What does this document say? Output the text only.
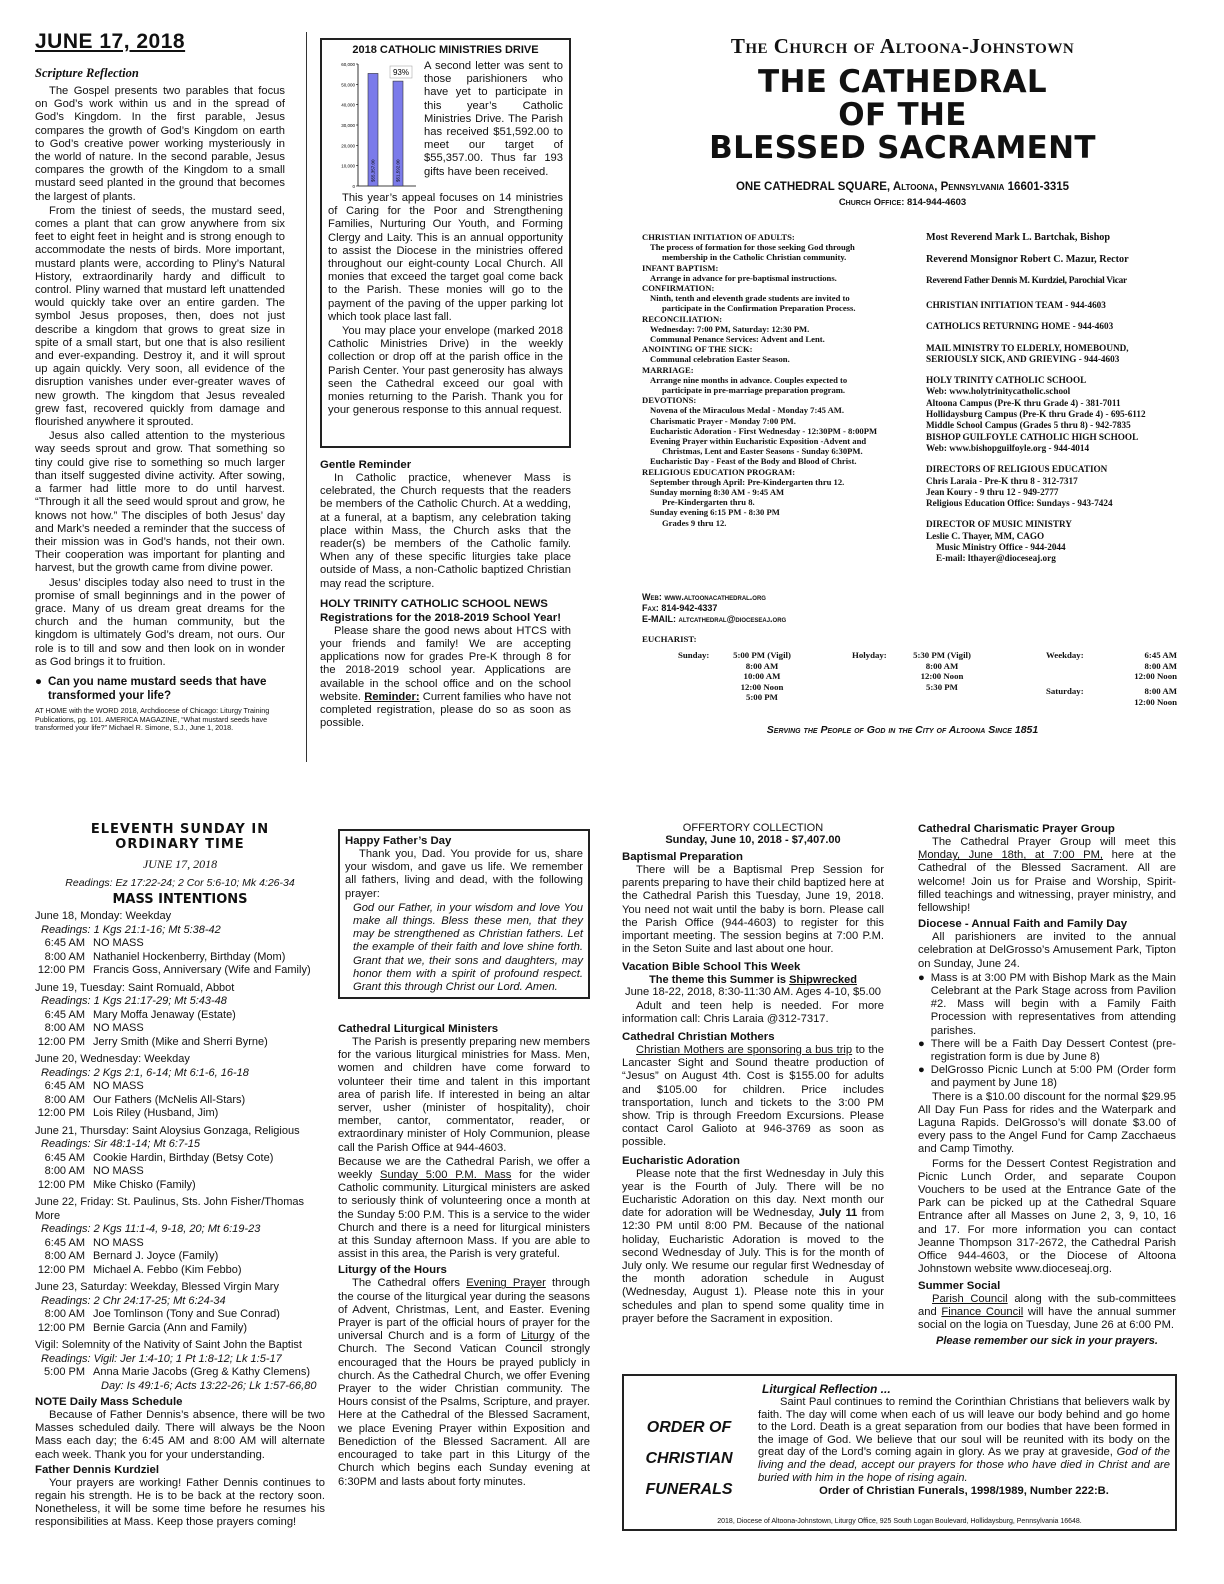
JUNE 17, 2018
Scripture Reflection

The Gospel presents two parables that focus on God’s work within us and in the spread of God’s Kingdom. In the first parable, Jesus compares the growth of God’s Kingdom on earth to God’s creative power working mysteriously in the world of nature. In the second parable, Jesus compares the growth of the Kingdom to a small mustard seed planted in the ground that becomes the largest of plants.

From the tiniest of seeds, the mustard seed, comes a plant that can grow anywhere from six feet to eight feet in height and is strong enough to accommodate the nests of birds. More important, mustard plants were, according to Pliny’s Natural History, extraordinarily hardy and difficult to control. Pliny warned that mustard left unattended would quickly take over an entire garden. The symbol Jesus proposes, then, does not just describe a kingdom that grows to great size in spite of a small start, but one that is also resilient and ever-expanding. Destroy it, and it will sprout up again quickly. Very soon, all evidence of the disruption vanishes under ever-greater waves of new growth. The kingdom that Jesus revealed grew fast, recovered quickly from damage and flourished anywhere it sprouted.

Jesus also called attention to the mysterious way seeds sprout and grow. That something so tiny could give rise to something so much larger than itself suggested divine activity. After sowing, a farmer had little more to do until harvest. “Through it all the seed would sprout and grow, he knows not how.” The disciples of both Jesus’ day and Mark’s needed a reminder that the success of their mission was in God’s hands, not their own. Their cooperation was important for planting and harvest, but the growth came from divine power.

Jesus’ disciples today also need to trust in the promise of small beginnings and in the power of grace. Many of us dream great dreams for the church and the human community, but the kingdom is ultimately God’s dream, not ours. Our role is to till and sow and then look on in wonder as God brings it to fruition.

● Can you name mustard seeds that have transformed your life?
AT HOME with the WORD 2018, Archdiocese of Chicago: Liturgy Training Publications, pg. 101. AMERICA MAGAZINE, “What mustard seeds have transformed your life?” Michael R. Simone, S.J., June 1, 2018.
2018 CATHOLIC MINISTRIES DRIVE
60,000
50,000
40,000
30,000
20,000
10,000
0
$55,357.00	$51,592.00
93%
A second letter was sent to those parishioners who have yet to participate in this year’s Catholic Ministries Drive. The Parish has received $51,592.00 to meet our target of $55,357.00. Thus far 193 gifts have been received.

This year’s appeal focuses on 14 ministries of Caring for the Poor and Strengthening Families, Nurturing Our Youth, and Forming Clergy and Laity. This is an annual opportunity to assist the Diocese in the ministries offered throughout our eight-county Local Church. All monies that exceed the target goal come back to the Parish. These monies will go to the payment of the paving of the upper parking lot which took place last fall.

You may place your envelope (marked 2018 Catholic Ministries Drive) in the weekly collection or drop off at the parish office in the Parish Center. Your past generosity has always seen the Cathedral exceed our goal with monies returning to the Parish. Thank you for your generous response to this annual request.

Gentle Reminder

In Catholic practice, whenever Mass is celebrated, the Church requests that the readers be members of the Catholic Church. At a wedding, at a funeral, at a baptism, any celebration taking place within Mass, the Church asks that the reader(s) be members of the Catholic family. When any of these specific liturgies take place outside of Mass, a non-Catholic baptized Christian may read the scripture.

HOLY TRINITY CATHOLIC SCHOOL NEWS
Registrations for the 2018-2019 School Year!

Please share the good news about HTCS with your friends and family! We are accepting applications now for grades Pre-K through 8 for the 2018-2019 school year. Applications are available in the school office and on the school website. Reminder: Current families who have not completed registration, please do so as soon as possible.

The Church of Altoona-Johnstown
THE CATHEDRAL
OF THE
BLESSED SACRAMENT
ONE CATHEDRAL SQUARE, Altoona, Pennsylvania 16601-3315
Church Office: 814-944-4603
CHRISTIAN INITIATION OF ADULTS:
The process of formation for those seeking God through
membership in the Catholic Christian community.
INFANT BAPTISM:
Arrange in advance for pre-baptismal instructions.
CONFIRMATION:
Ninth, tenth and eleventh grade students are invited to
participate in the Confirmation Preparation Process.
RECONCILIATION:
Wednesday: 7:00 PM, Saturday: 12:30 PM.
Communal Penance Services: Advent and Lent.
ANOINTING OF THE SICK:
Communal celebration Easter Season.
MARRIAGE:
Arrange nine months in advance. Couples expected to
participate in pre-marriage preparation program.
DEVOTIONS:
Novena of the Miraculous Medal - Monday 7:45 AM.
Charismatic Prayer - Monday 7:00 PM.
Eucharistic Adoration - First Wednesday - 12:30PM - 8:00PM
Evening Prayer within Eucharistic Exposition -Advent and
Christmas, Lent and Easter Seasons - Sunday 6:30PM.
Eucharistic Day - Feast of the Body and Blood of Christ.
RELIGIOUS EDUCATION PROGRAM:
September through April: Pre-Kindergarten thru 12.
Sunday morning 8:30 AM - 9:45 AM
Pre-Kindergarten thru 8.
Sunday evening 6:15 PM - 8:30 PM
Grades 9 thru 12.
Web: www.altoonacathedral.org
Fax: 814-942-4337
E-MAIL: altcathedral@dioceseaj.org
Most Reverend Mark L. Bartchak, Bishop
Reverend Monsignor Robert C. Mazur, Rector
Reverend Father Dennis M. Kurdziel, Parochial Vicar
CHRISTIAN INITIATION TEAM - 944-4603
CATHOLICS RETURNING HOME - 944-4603
MAIL MINISTRY TO ELDERLY, HOMEBOUND,
SERIOUSLY SICK, AND GRIEVING - 944-4603
HOLY TRINITY CATHOLIC SCHOOL
Web: www.holytrinitycatholic.school
Altoona Campus (Pre-K thru Grade 4) - 381-7011
Hollidaysburg Campus (Pre-K thru Grade 4) - 695-6112
Middle School Campus (Grades 5 thru 8) - 942-7835
BISHOP GUILFOYLE CATHOLIC HIGH SCHOOL
Web: www.bishopguilfoyle.org - 944-4014
DIRECTORS OF RELIGIOUS EDUCATION
Chris Laraia - Pre-K thru 8 - 312-7317
Jean Koury - 9 thru 12 - 949-2777
Religious Education Office: Sundays - 943-7424
DIRECTOR OF MUSIC MINISTRY
Leslie C. Thayer, MM, CAGO
Music Ministry Office - 944-2044
E-mail: lthayer@dioceseaj.org
EUCHARIST:
Sunday:	5:00 PM (Vigil)
8:00 AM
10:00 AM
12:00 Noon
5:00 PM
Holyday:	5:30 PM (Vigil)
8:00 AM
12:00 Noon
5:30 PM
Weekday:	6:45 AM
8:00 AM
12:00 Noon
Saturday:	8:00 AM
12:00 Noon
Serving the People of God in the City of Altoona Since 1851
ELEVENTH SUNDAY IN
ORDINARY TIME
JUNE 17, 2018
Readings: Ez 17:22-24; 2 Cor 5:6-10; Mk 4:26-34
MASS INTENTIONS
June 18, Monday: Weekday
Readings: 1 Kgs 21:1-16; Mt 5:38-42
6:45 AM NO MASS
8:00 AM Nathaniel Hockenberry, Birthday (Mom)
12:00 PM Francis Goss, Anniversary (Wife and Family)
June 19, Tuesday: Saint Romuald, Abbot
Readings: 1 Kgs 21:17-29; Mt 5:43-48
6:45 AM Mary Moffa Jenaway (Estate)
8:00 AM NO MASS
12:00 PM Jerry Smith (Mike and Sherri Byrne)
June 20, Wednesday: Weekday
Readings: 2 Kgs 2:1, 6-14; Mt 6:1-6, 16-18
6:45 AM NO MASS
8:00 AM Our Fathers (McNelis All-Stars)
12:00 PM Lois Riley (Husband, Jim)
June 21, Thursday: Saint Aloysius Gonzaga, Religious
Readings: Sir 48:1-14; Mt 6:7-15
6:45 AM Cookie Hardin, Birthday (Betsy Cote)
8:00 AM NO MASS
12:00 PM Mike Chisko (Family)
June 22, Friday: St. Paulinus, Sts. John Fisher/Thomas More
Readings: 2 Kgs 11:1-4, 9-18, 20; Mt 6:19-23
6:45 AM NO MASS
8:00 AM Bernard J. Joyce (Family)
12:00 PM Michael A. Febbo (Kim Febbo)
June 23, Saturday: Weekday, Blessed Virgin Mary
Readings: 2 Chr 24:17-25; Mt 6:24-34
8:00 AM Joe Tomlinson (Tony and Sue Conrad)
12:00 PM Bernie Garcia (Ann and Family)
Vigil: Solemnity of the Nativity of Saint John the Baptist
Readings: Vigil: Jer 1:4-10; 1 Pt 1:8-12; Lk 1:5-17
5:00 PM Anna Marie Jacobs (Greg & Kathy Clemens)
Day: Is 49:1-6; Acts 13:22-26; Lk 1:57-66,80
NOTE Daily Mass Schedule

Because of Father Dennis’s absence, there will be two Masses scheduled daily. There will always be the Noon Mass each day; the 6:45 AM and 8:00 AM will alternate each week. Thank you for your understanding.

Father Dennis Kurdziel

Your prayers are working! Father Dennis continues to regain his strength. He is to be back at the rectory soon. Nonetheless, it will be some time before he resumes his responsibilities at Mass. Keep those prayers coming!

Happy Father’s Day

Thank you, Dad. You provide for us, share your wisdom, and gave us life. We remember all fathers, living and dead, with the following prayer:

God our Father, in your wisdom and love You make all things. Bless these men, that they may be strengthened as Christian fathers. Let the example of their faith and love shine forth. Grant that we, their sons and daughters, may honor them with a spirit of profound respect. Grant this through Christ our Lord. Amen.
Cathedral Liturgical Ministers

The Parish is presently preparing new members for the various liturgical ministries for Mass. Men, women and children have come forward to volunteer their time and talent in this important area of parish life. If interested in being an altar server, usher (minister of hospitality), choir member, cantor, commentator, reader, or extraordinary minister of Holy Communion, please call the Parish Office at 944-4603.

Because we are the Cathedral Parish, we offer a weekly Sunday 5:00 P.M. Mass for the wider Catholic community. Liturgical ministers are asked to seriously think of volunteering once a month at the Sunday 5:00 P.M. This is a service to the wider Church and there is a need for liturgical ministers at this Sunday afternoon Mass. If you are able to assist in this area, the Parish is very grateful.

Liturgy of the Hours

The Cathedral offers Evening Prayer through the course of the liturgical year during the seasons of Advent, Christmas, Lent, and Easter. Evening Prayer is part of the official hours of prayer for the universal Church and is a form of Liturgy of the Church. The Second Vatican Council strongly encouraged that the Hours be prayed publicly in church. As the Cathedral Church, we offer Evening Prayer to the wider Christian community. The Hours consist of the Psalms, Scripture, and prayer. Here at the Cathedral of the Blessed Sacrament, we place Evening Prayer within Exposition and Benediction of the Blessed Sacrament. All are encouraged to take part in this Liturgy of the Church which begins each Sunday evening at 6:30PM and lasts about forty minutes.

OFFERTORY COLLECTION
Sunday, June 10, 2018 - $7,407.00
Baptismal Preparation

There will be a Baptismal Prep Session for parents preparing to have their child baptized here at the Cathedral Parish this Tuesday, June 19, 2018. You need not wait until the baby is born. Please call the Parish Office (944-4603) to register for this important meeting. The session begins at 7:00 P.M. in the Seton Suite and last about one hour.

Vacation Bible School This Week
The theme this Summer is Shipwrecked
June 18-22, 2018, 8:30-11:30 AM. Ages 4-10, $5.00

Adult and teen help is needed. For more information call: Chris Laraia @312-7317.

Cathedral Christian Mothers

Christian Mothers are sponsoring a bus trip to the Lancaster Sight and Sound theatre production of “Jesus” on August 4th. Cost is $155.00 for adults and $105.00 for children. Price includes transportation, lunch and tickets to the 3:00 PM show. Trip is through Freedom Excursions. Please contact Carol Galioto at 946-3769 as soon as possible.

Eucharistic Adoration

Please note that the first Wednesday in July this year is the Fourth of July. There will be no Eucharistic Adoration on this day. Next month our date for adoration will be Wednesday, July 11 from 12:30 PM until 8:00 PM. Because of the national holiday, Eucharistic Adoration is moved to the second Wednesday of July. This is for the month of July only. We resume our regular first Wednesday of the month adoration schedule in August (Wednesday, August 1). Please note this in your schedules and plan to spend some quality time in prayer before the Sacrament in exposition.

Cathedral Charismatic Prayer Group

The Cathedral Prayer Group will meet this Monday, June 18th, at 7:00 PM, here at the Cathedral of the Blessed Sacrament. All are welcome! Join us for Praise and Worship, Spirit-filled teachings and witnessing, prayer ministry, and fellowship!

Diocese - Annual Faith and Family Day

All parishioners are invited to the annual celebration at DelGrosso’s Amusement Park, Tipton on Sunday, June 24.

● Mass is at 3:00 PM with Bishop Mark as the Main Celebrant at the Park Stage across from Pavilion #2. Mass will begin with a Family Faith Procession with representatives from attending parishes.
● There will be a Faith Day Dessert Contest (pre-registration form is due by June 8)
● DelGrosso Picnic Lunch at 5:00 PM (Order form and payment by June 18)

There is a $10.00 discount for the normal $29.95 All Day Fun Pass for rides and the Waterpark and Laguna Rapids. DelGrosso’s will donate $3.00 of every pass to the Angel Fund for Camp Zacchaeus and Camp Timothy.

Forms for the Dessert Contest Registration and Picnic Lunch Order, and separate Coupon Vouchers to be used at the Entrance Gate of the Park can be picked up at the Cathedral Square Entrance after all Masses on June 2, 3, 9, 10, 16 and 17. For more information you can contact Jeanne Thompson 317-2672, the Cathedral Parish Office 944-4603, or the Diocese of Altoona Johnstown website www.dioceseaj.org.

Summer Social

Parish Council along with the sub-committees and Finance Council will have the annual summer social on the logia on Tuesday, June 26 at 6:00 PM.

Please remember our sick in your prayers.
ORDER OF
CHRISTIAN
FUNERALS
Liturgical Reflection ...

Saint Paul continues to remind the Corinthian Christians that believers walk by faith. The day will come when each of us will leave our body behind and go home to the Lord. Death is a great separation from our bodies that have been formed in the image of God. We believe that our soul will be reunited with its body on the great day of the Lord’s coming again in glory. As we pray at graveside, God of the living and the dead, accept our prayers for those who have died in Christ and are buried with him in the hope of rising again.

Order of Christian Funerals, 1998/1989, Number 222:B.
2018, Diocese of Altoona-Johnstown, Liturgy Office, 925 South Logan Boulevard, Hollidaysburg, Pennsylvania 16648.
